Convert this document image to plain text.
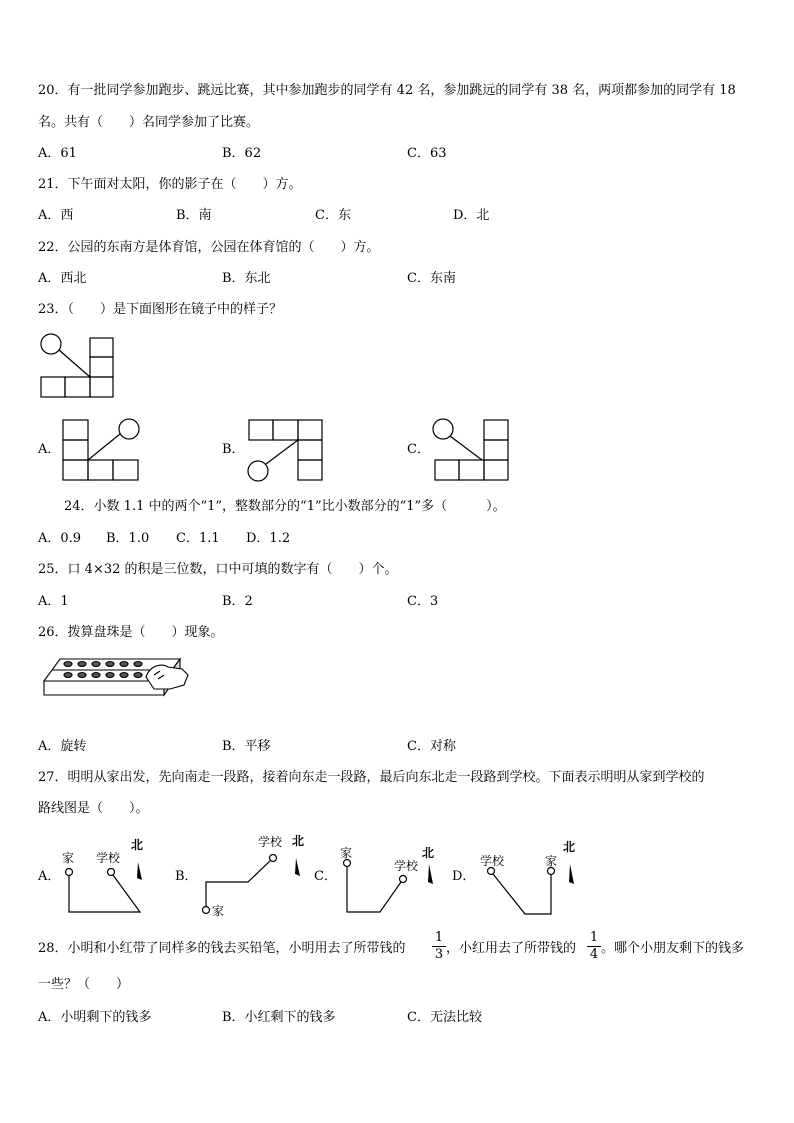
20．有一批同学参加跑步、跳远比赛，其中参加跑步的同学有 42 名，参加跳远的同学有 38 名，两项都参加的同学有 18
名。共有（　　）名同学参加了比赛。
A．61	B．62	C．63
21．下午面对太阳，你的影子在（　　）方。
A．西	B．南	C．东	D．北
22．公园的东南方是体育馆，公园在体育馆的（　　）方。
A．西北	B．东北	C．东南
23．（　　）是下面图形在镜子中的样子？
A．	B．	C．
24．小数 1.1 中的两个“1”，整数部分的“1”比小数部分的“1”多（　　　）。
A．0.9 B．1.0 C．1.1 D．1.2
25．口 4×32 的积是三位数，口中可填的数字有（　　）个。
A．1	B．2	C．3
26．拨算盘珠是（　　）现象。
A．旋转	B．平移	C．对称
27．明明从家出发，先向南走一段路，接着向东走一段路，最后向东北走一段路到学校。下面表示明明从家到学校的
路线图是（　　）。
A．
家 学校
北
B．
学校 北
家
C．
家
学校
北
D．
学校	家
北
28．小明和小红带了同样多的钱去买铅笔，小明用去了所带钱的
1
3 ，小红用去了所带钱的
1
4 。哪个小朋友剩下的钱多
一些？（　　）
A．小明剩下的钱多	B．小红剩下的钱多	C．无法比较
